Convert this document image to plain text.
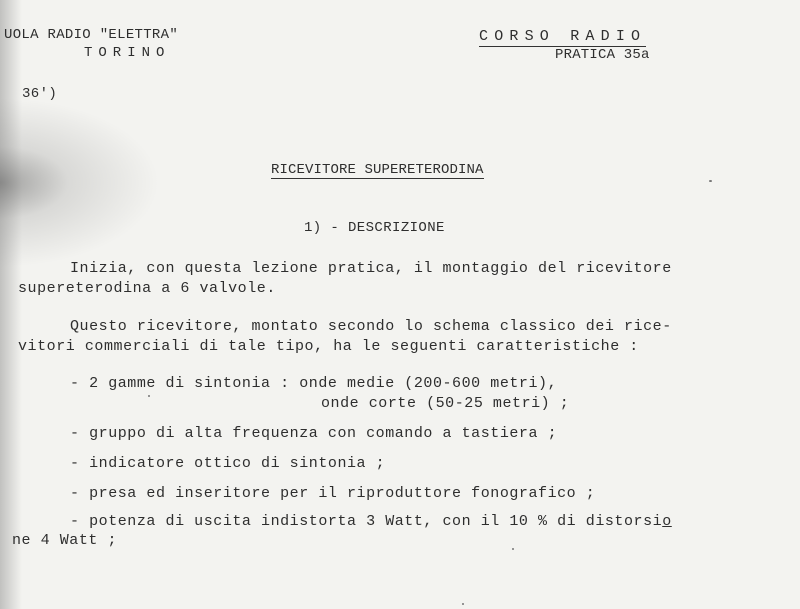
UOLA RADIO "ELETTRA"
TORINO
CORSO RADIO
PRATICA 35a
36')
RICEVITORE SUPERETERODINA
1) - DESCRIZIONE
Inizia, con questa lezione pratica, il montaggio del ricevitore
supereterodina a 6 valvole.
Questo ricevitore, montato secondo lo schema classico dei rice-
vitori commerciali di tale tipo, ha le seguenti caratteristiche :
- 2 gamme di sintonia : onde medie (200-600 metri),
onde corte (50-25 metri) ;
- gruppo di alta frequenza con comando a tastiera ;
- indicatore ottico di sintonia ;
- presa ed inseritore per il riproduttore fonografico ;
- potenza di uscita indistorta 3 Watt, con il 10 % di distorsio
ne 4 Watt ;
